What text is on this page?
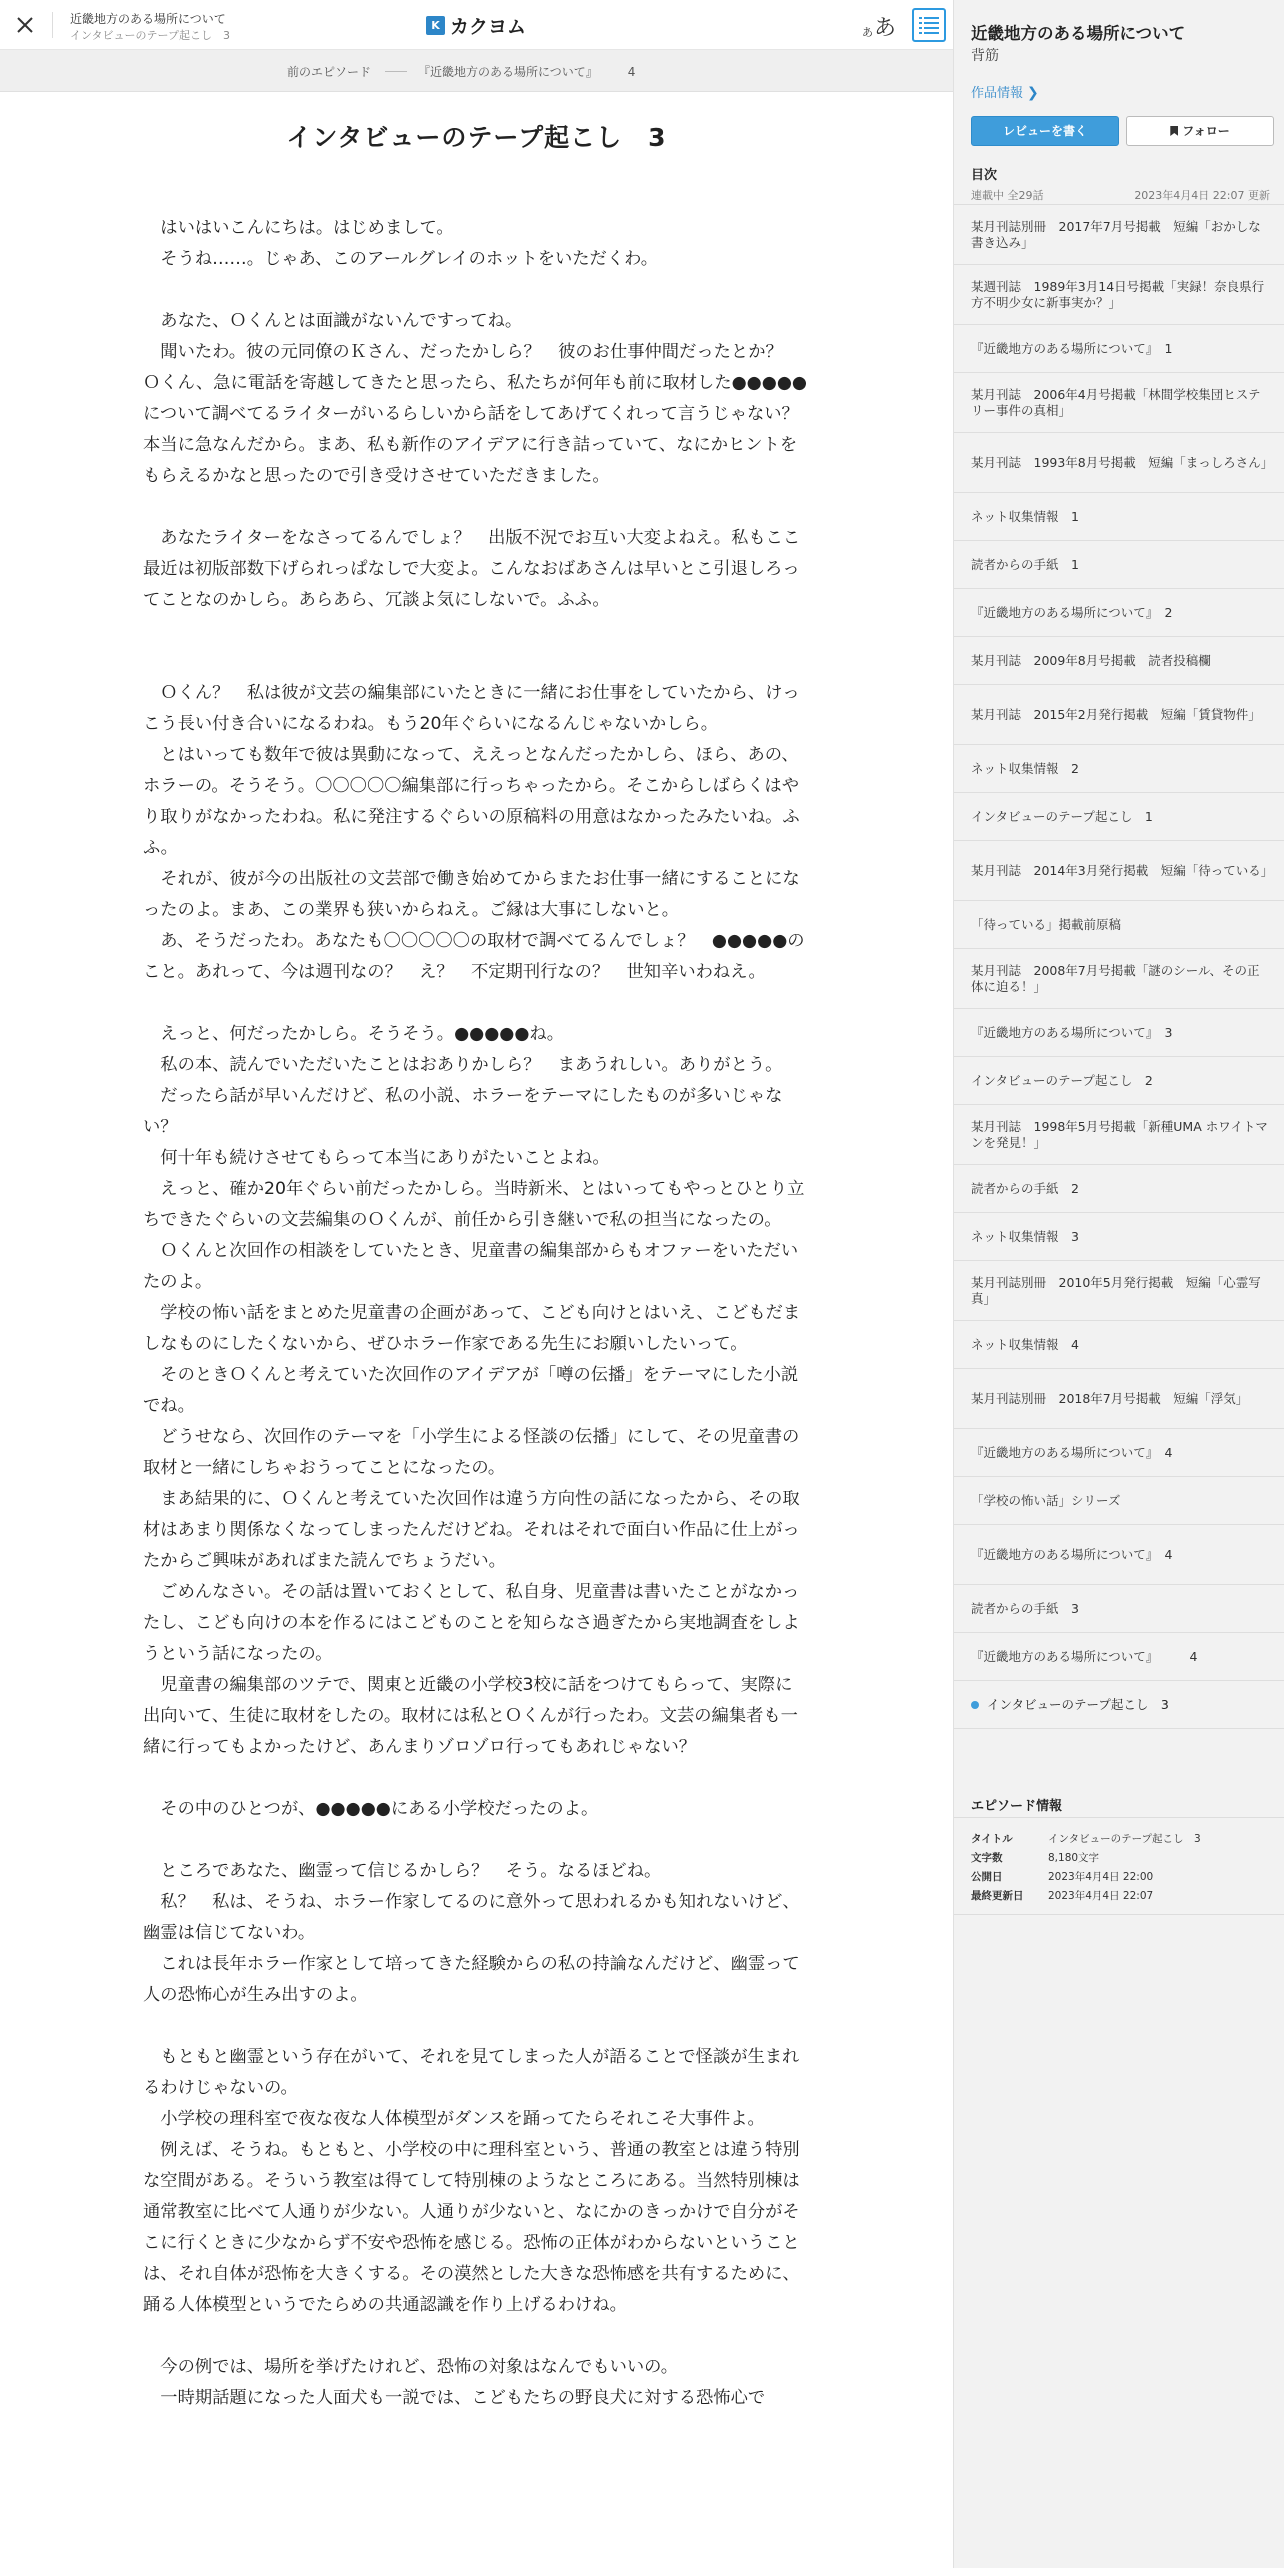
近畿地方のある場所について
インタビューのテープ起こし　3
K カクヨム	あ あ
前のエピソード	『近畿地方のある場所について』　　　4
インタビューのテープ起こし　3

　はいはいこんにちは。はじめまして。

　そうね……。じゃあ、このアールグレイのホットをいただくわ。

　あなた、Ｏくんとは面識がないんですってね。

　聞いたわ。彼の元同僚のＫさん、だったかしら？　彼のお仕事仲間だったとか？

Ｏくん、急に電話を寄越してきたと思ったら、私たちが何年も前に取材した●●●●●について調べてるライターがいるらしいから話をしてあげてくれって言うじゃない？　本当に急なんだから。まあ、私も新作のアイデアに行き詰っていて、なにかヒントをもらえるかなと思ったので引き受けさせていただきました。

　あなたライターをなさってるんでしょ？　出版不況でお互い大変よねえ。私もここ最近は初版部数下げられっぱなしで大変よ。こんなおばあさんは早いとこ引退しろってことなのかしら。あらあら、冗談よ気にしないで。ふふ。

　Ｏくん？　私は彼が文芸の編集部にいたときに一緒にお仕事をしていたから、けっこう長い付き合いになるわね。もう20年ぐらいになるんじゃないかしら。

　とはいっても数年で彼は異動になって、ええっとなんだったかしら、ほら、あの、ホラーの。そうそう。〇〇〇〇〇編集部に行っちゃったから。そこからしばらくはやり取りがなかったわね。私に発注するぐらいの原稿料の用意はなかったみたいね。ふふ。

　それが、彼が今の出版社の文芸部で働き始めてからまたお仕事一緒にすることになったのよ。まあ、この業界も狭いからねえ。ご縁は大事にしないと。

　あ、そうだったわ。あなたも〇〇〇〇〇の取材で調べてるんでしょ？　●●●●●のこと。あれって、今は週刊なの？　え？　不定期刊行なの？　世知辛いわねえ。

　えっと、何だったかしら。そうそう。●●●●●ね。

　私の本、読んでいただいたことはおありかしら？　まあうれしい。ありがとう。

　だったら話が早いんだけど、私の小説、ホラーをテーマにしたものが多いじゃない？

　何十年も続けさせてもらって本当にありがたいことよね。

　えっと、確か20年ぐらい前だったかしら。当時新米、とはいってもやっとひとり立ちできたぐらいの文芸編集のＯくんが、前任から引き継いで私の担当になったの。

　Ｏくんと次回作の相談をしていたとき、児童書の編集部からもオファーをいただいたのよ。

　学校の怖い話をまとめた児童書の企画があって、こども向けとはいえ、こどもだましなものにしたくないから、ぜひホラー作家である先生にお願いしたいって。

　そのときＯくんと考えていた次回作のアイデアが「噂の伝播」をテーマにした小説でね。

　どうせなら、次回作のテーマを「小学生による怪談の伝播」にして、その児童書の取材と一緒にしちゃおうってことになったの。

　まあ結果的に、Ｏくんと考えていた次回作は違う方向性の話になったから、その取材はあまり関係なくなってしまったんだけどね。それはそれで面白い作品に仕上がったからご興味があればまた読んでちょうだい。

　ごめんなさい。その話は置いておくとして、私自身、児童書は書いたことがなかったし、こども向けの本を作るにはこどものことを知らなさ過ぎたから実地調査をしようという話になったの。

　児童書の編集部のツテで、関東と近畿の小学校3校に話をつけてもらって、実際に出向いて、生徒に取材をしたの。取材には私とＯくんが行ったわ。文芸の編集者も一緒に行ってもよかったけど、あんまりゾロゾロ行ってもあれじゃない？

　その中のひとつが、●●●●●にある小学校だったのよ。

　ところであなた、幽霊って信じるかしら？　そう。なるほどね。

　私？　私は、そうね、ホラー作家してるのに意外って思われるかも知れないけど、幽霊は信じてないわ。

　これは長年ホラー作家として培ってきた経験からの私の持論なんだけど、幽霊って人の恐怖心が生み出すのよ。

　もともと幽霊という存在がいて、それを見てしまった人が語ることで怪談が生まれるわけじゃないの。

　小学校の理科室で夜な夜な人体模型がダンスを踊ってたらそれこそ大事件よ。

　例えば、そうね。もともと、小学校の中に理科室という、普通の教室とは違う特別な空間がある。そういう教室は得てして特別棟のようなところにある。当然特別棟は通常教室に比べて人通りが少ない。人通りが少ないと、なにかのきっかけで自分がそこに行くときに少なからず不安や恐怖を感じる。恐怖の正体がわからないということは、それ自体が恐怖を大きくする。その漠然とした大きな恐怖感を共有するために、踊る人体模型というでたらめの共通認識を作り上げるわけね。

　今の例では、場所を挙げたけれど、恐怖の対象はなんでもいいの。

　一時期話題になった人面犬も一説では、こどもたちの野良犬に対する恐怖心で

近畿地方のある場所について
背筋
作品情報 ❯
レビューを書く	フォロー
目次
連載中 全29話	2023年4月4日 22:07 更新
某月刊誌別冊　2017年7月号掲載　短編「おかしな書き込み」
某週刊誌　1989年3月14日号掲載「実録！奈良県行方不明少女に新事実か？」
『近畿地方のある場所について』　1
某月刊誌　2006年4月号掲載「林間学校集団ヒステリー事件の真相」
某月刊誌　1993年8月号掲載　短編「まっしろさん」
ネット収集情報　1
読者からの手紙　1
『近畿地方のある場所について』　2
某月刊誌　2009年8月号掲載　読者投稿欄
某月刊誌　2015年2月発行掲載　短編「賃貸物件」
ネット収集情報　2
インタビューのテープ起こし　1
某月刊誌　2014年3月発行掲載　短編「待っている」
「待っている」掲載前原稿
某月刊誌　2008年7月号掲載「謎のシール、その正体に迫る！」
『近畿地方のある場所について』　3
インタビューのテープ起こし　2
某月刊誌　1998年5月号掲載「新種UMA ホワイトマンを発見！」
読者からの手紙　2
ネット収集情報　3
某月刊誌別冊　2010年5月発行掲載　短編「心霊写真」
ネット収集情報　4
某月刊誌別冊　2018年7月号掲載　短編「浮気」
『近畿地方のある場所について』　4
「学校の怖い話」シリーズ
『近畿地方のある場所について』　4
読者からの手紙　3
『近畿地方のある場所について』　　　4
インタビューのテープ起こし　3
エピソード情報
タイトル	インタビューのテープ起こし　3
文字数	8,180文字
公開日	2023年4月4日 22:00
最終更新日	2023年4月4日 22:07
